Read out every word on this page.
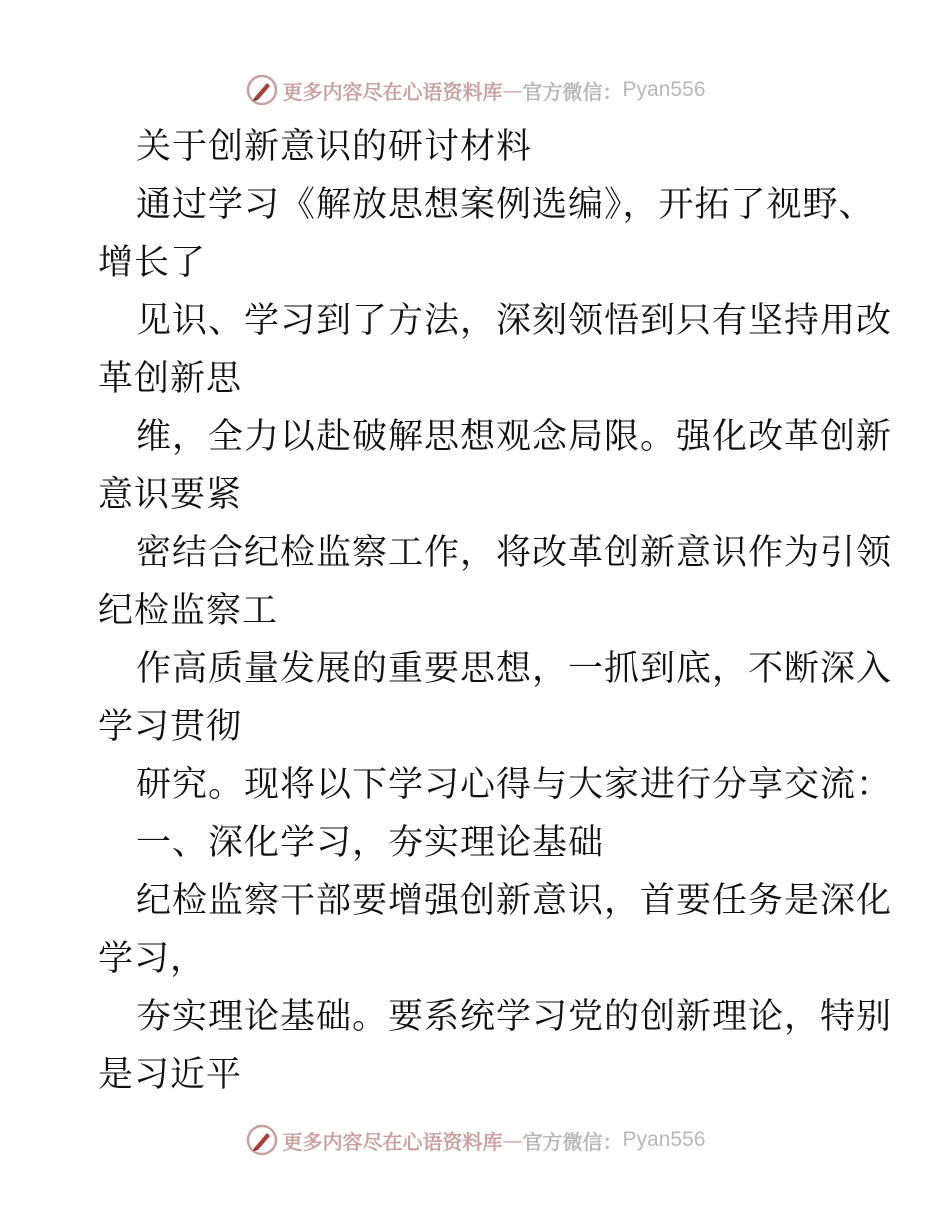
更多内容尽在心语资料库 — 官方微信： Pyan556
关于创新意识的研讨材料
通过学习《解放思想案例选编》，开拓了视野、
增长了
见识、学习到了方法，深刻领悟到只有坚持用改
革创新思
维，全力以赴破解思想观念局限。强化改革创新
意识要紧
密结合纪检监察工作，将改革创新意识作为引领
纪检监察工
作高质量发展的重要思想，一抓到底，不断深入
学习贯彻
研究。现将以下学习心得与大家进行分享交流：
一、深化学习，夯实理论基础
纪检监察干部要增强创新意识，首要任务是深化
学习，
夯实理论基础。要系统学习党的创新理论，特别
是习近平
更多内容尽在心语资料库 — 官方微信： Pyan556
